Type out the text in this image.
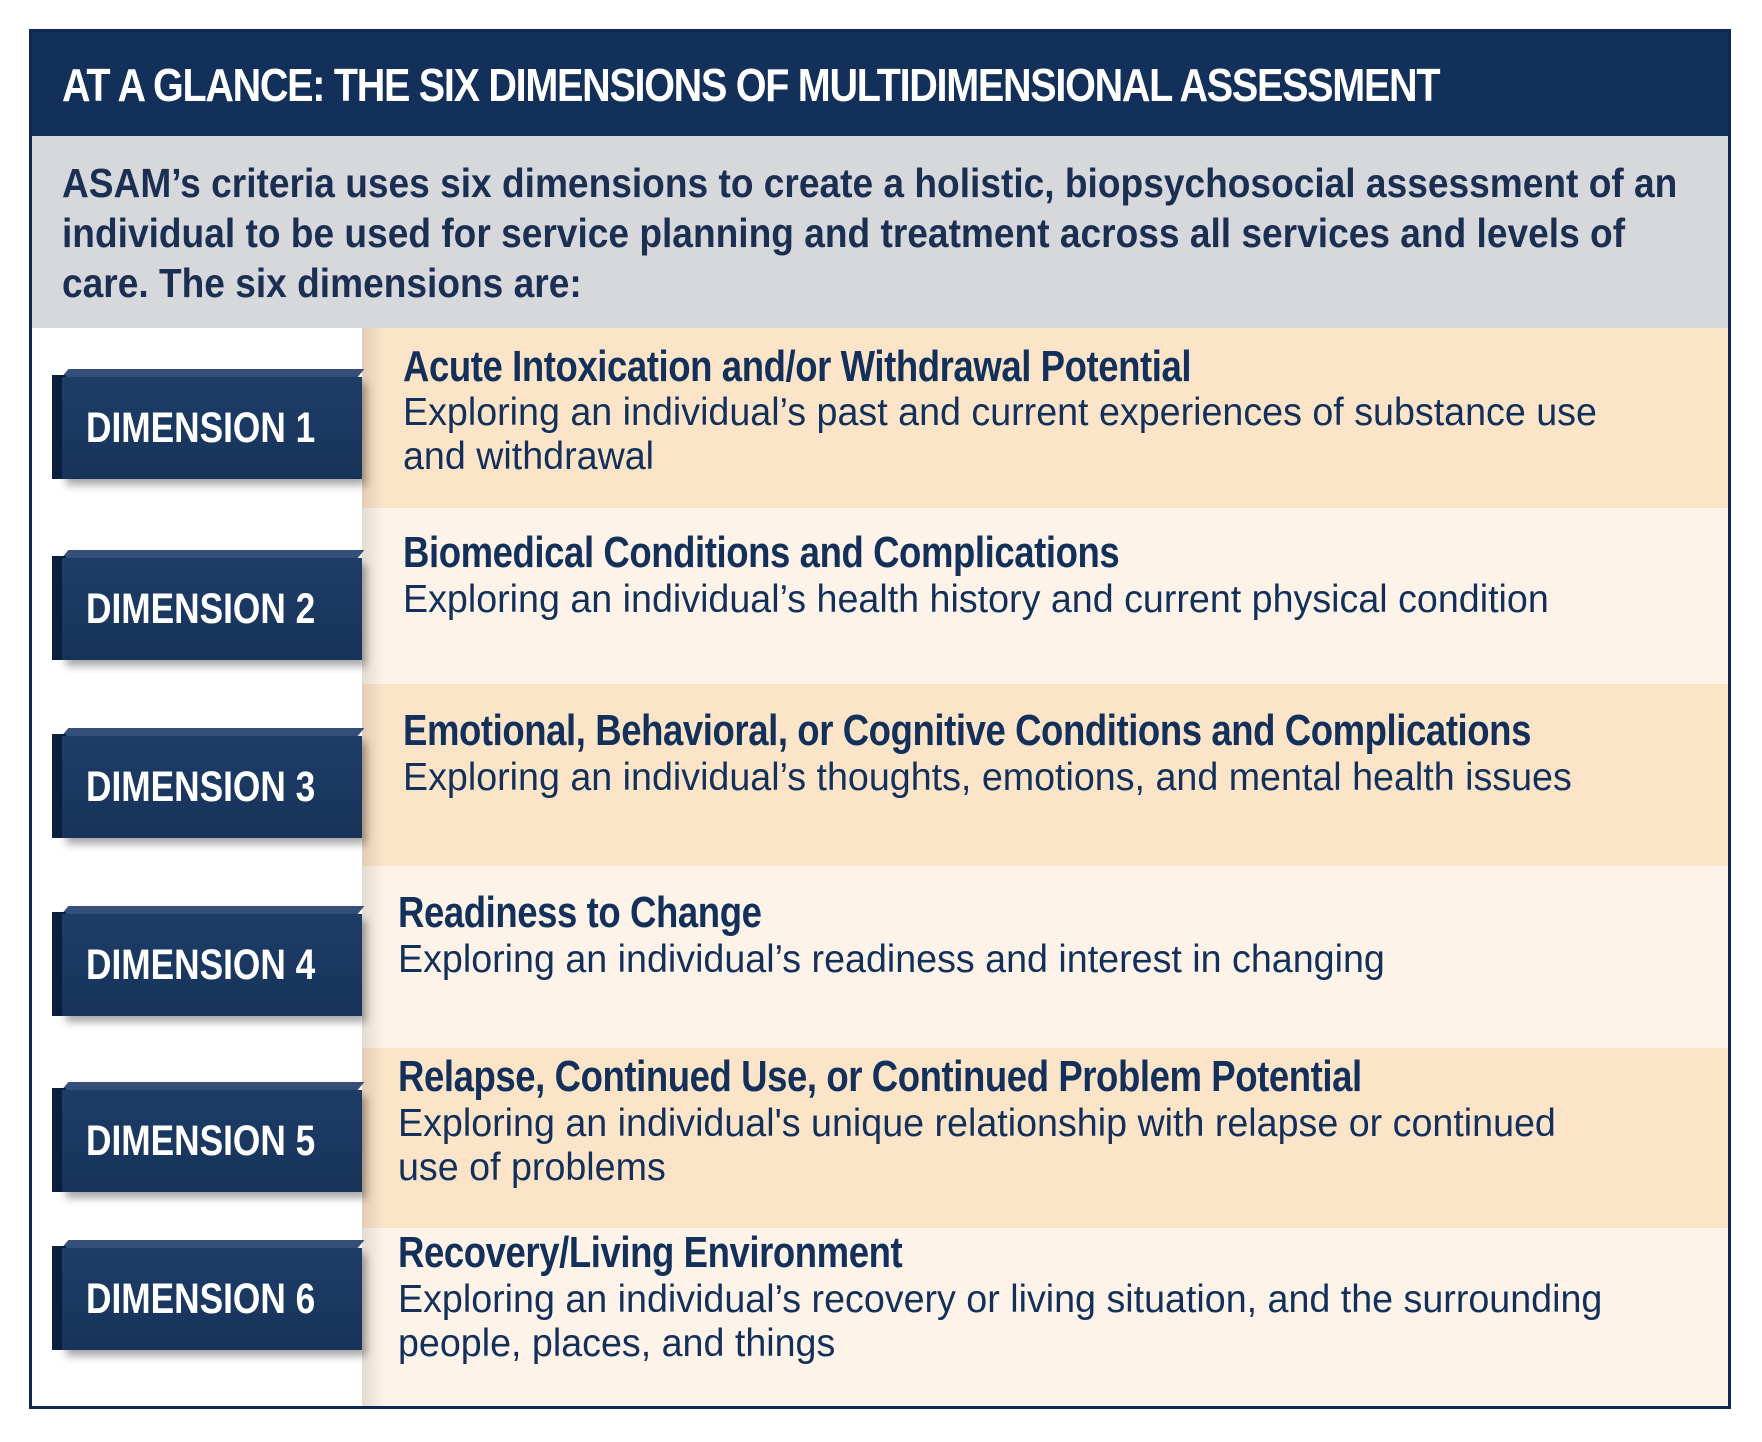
AT A GLANCE: THE SIX DIMENSIONS OF MULTIDIMENSIONAL ASSESSMENT
ASAM’s criteria uses six dimensions to create a holistic, biopsychosocial assessment of an individual to be used for service planning and treatment across all services and levels of care. The six dimensions are:
DIMENSION 1
Acute Intoxication and/or Withdrawal Potential
Exploring an individual’s past and current experiences of substance use and withdrawal
DIMENSION 2
Biomedical Conditions and Complications
Exploring an individual’s health history and current physical condition
DIMENSION 3
Emotional, Behavioral, or Cognitive Conditions and Complications
Exploring an individual’s thoughts, emotions, and mental health issues
DIMENSION 4
Readiness to Change
Exploring an individual’s readiness and interest in changing
DIMENSION 5
Relapse, Continued Use, or Continued Problem Potential
Exploring an individual's unique relationship with relapse or continued use of problems
DIMENSION 6
Recovery/Living Environment
Exploring an individual’s recovery or living situation, and the surrounding people, places, and things
